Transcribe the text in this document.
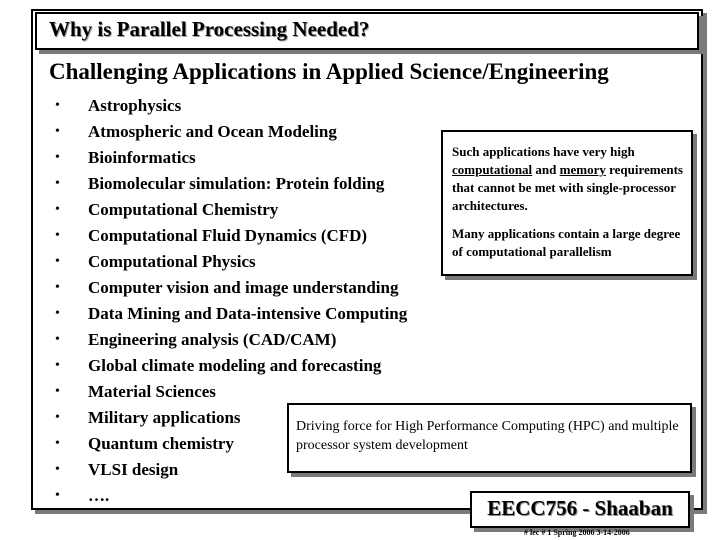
Why is Parallel Processing Needed?
Challenging Applications in Applied Science/Engineering
•	Astrophysics
•	Atmospheric and Ocean Modeling
•	Bioinformatics
•	Biomolecular simulation: Protein folding
•	Computational Chemistry
•	Computational Fluid Dynamics (CFD)
•	Computational Physics
•	Computer vision and image understanding
•	Data Mining and Data-intensive Computing
•	Engineering analysis (CAD/CAM)
•	Global climate modeling and forecasting
•	Material Sciences
•	Military applications
•	Quantum chemistry
•	VLSI design
•	….
Such applications have very high computational and memory requirements that cannot be met with single-processor architectures.
Many applications contain a large degree of computational parallelism
Driving force for High Performance Computing (HPC) and multiple processor system development
EECC756 - Shaaban
# lec # 1 Spring 2006 3-14-2006
